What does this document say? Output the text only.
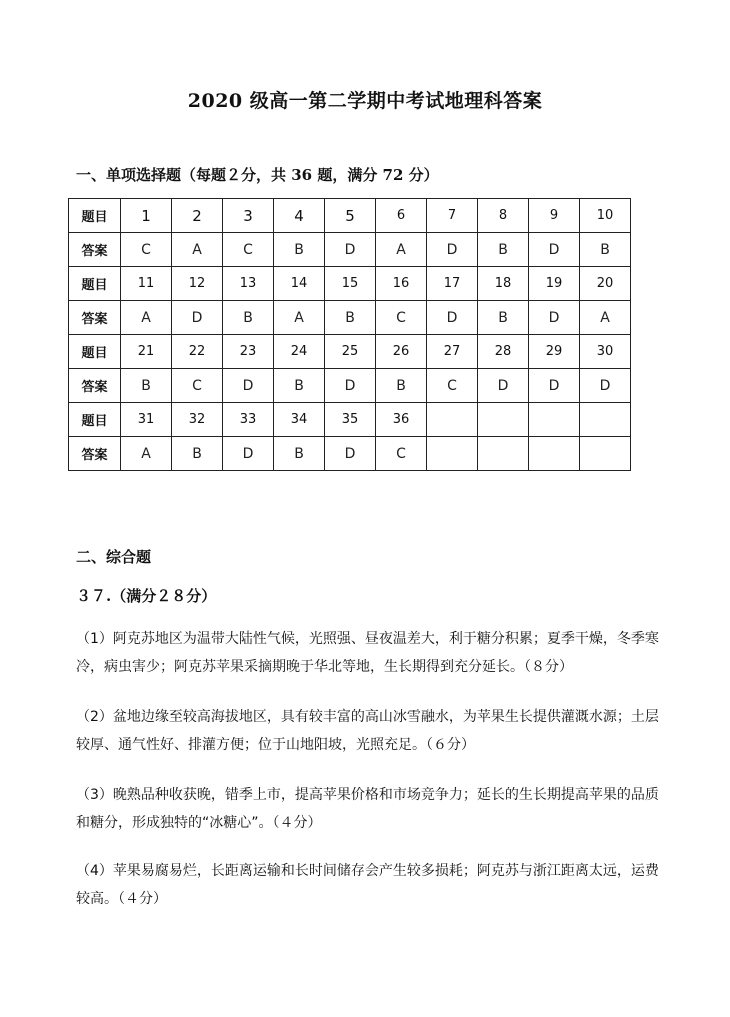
2020 级高一第二学期中考试地理科答案
一、单项选择题（每题２分，共 36 题，满分 72 分）
题目	1	2	3	4	5	6	7	8	9	10
答案	C	A	C	B	D	A	D	B	D	B
题目	11	12	13	14	15	16	17	18	19	20
答案	A	D	B	A	B	C	D	B	D	A
题目	21	22	23	24	25	26	27	28	29	30
答案	B	C	D	B	D	B	C	D	D	D
题目	31	32	33	34	35	36				
答案	A	B	D	B	D	C				
二、综合题
３７.（满分２８分）
（1）阿克苏地区为温带大陆性气候，光照强、昼夜温差大，利于糖分积累；夏季干燥，冬季寒冷，病虫害少；阿克苏苹果采摘期晚于华北等地，生长期得到充分延长。（８分）
（2）盆地边缘至较高海拔地区，具有较丰富的高山冰雪融水，为苹果生长提供灌溉水源；土层较厚、通气性好、排灌方便；位于山地阳坡，光照充足。（６分）
（3）晚熟品种收获晚，错季上市，提高苹果价格和市场竞争力；延长的生长期提高苹果的品质和糖分，形成独特的“冰糖心”。（４分）
（4）苹果易腐易烂，长距离运输和长时间储存会产生较多损耗；阿克苏与浙江距离太远，运费较高。（４分）
